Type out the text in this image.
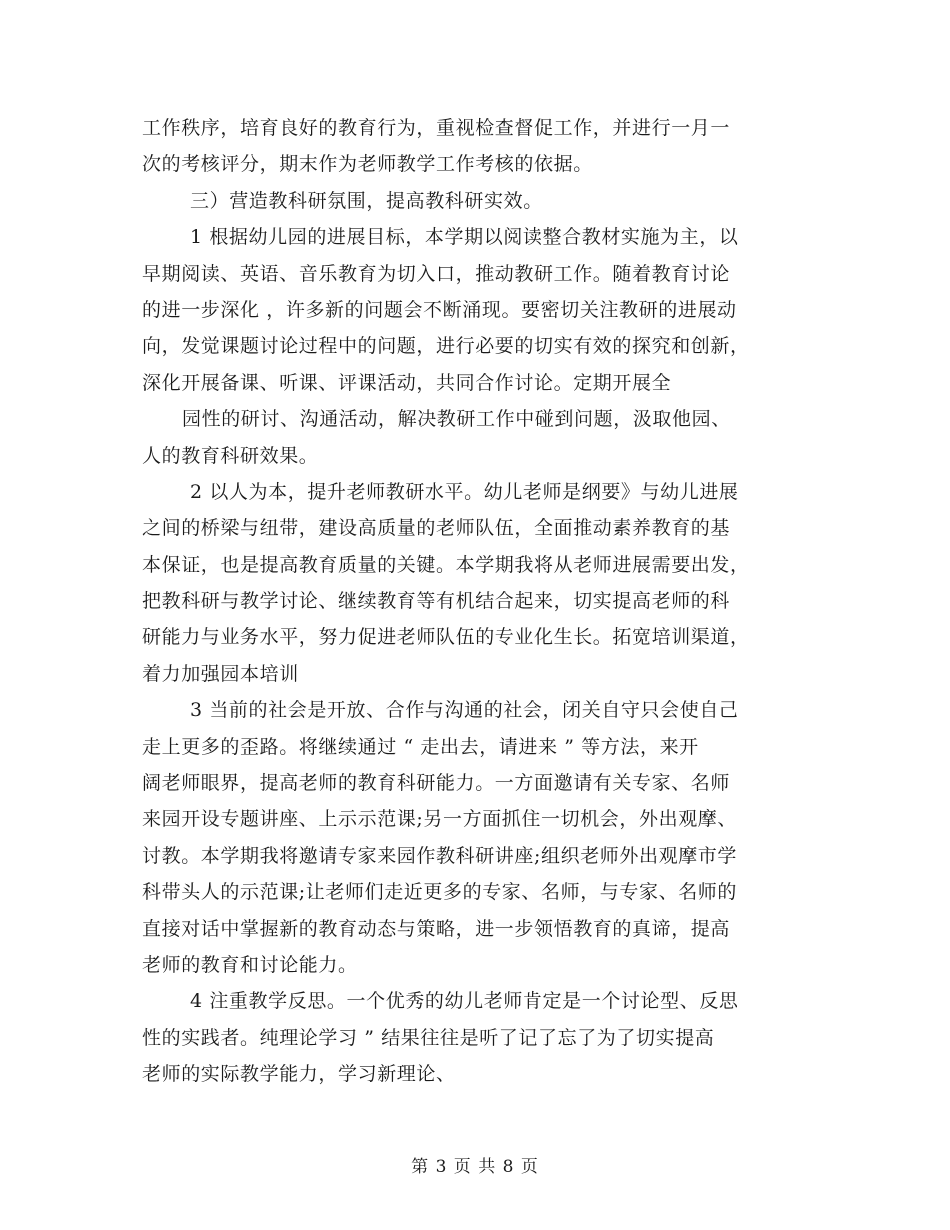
工作秩序，培育良好的教育行为，重视检查督促工作，并进行一月一
次的考核评分，期末作为老师教学工作考核的依据。
三）营造教科研氛围，提高教科研实效。
1 根据幼儿园的进展目标，本学期以阅读整合教材实施为主，以
早期阅读、英语、音乐教育为切入口，推动教研工作。随着教育讨论
的进一步深化 ，许多新的问题会不断涌现。要密切关注教研的进展动
向，发觉课题讨论过程中的问题，进行必要的切实有效的探究和创新，
深化开展备课、听课、评课活动，共同合作讨论。定期开展全
园性的研讨、沟通活动，解决教研工作中碰到问题，汲取他园、
人的教育科研效果。
2 以人为本，提升老师教研水平。幼儿老师是纲要》与幼儿进展
之间的桥梁与纽带，建设高质量的老师队伍，全面推动素养教育的基
本保证，也是提高教育质量的关键。本学期我将从老师进展需要出发，
把教科研与教学讨论、继续教育等有机结合起来，切实提高老师的科
研能力与业务水平，努力促进老师队伍的专业化生长。拓宽培训渠道，
着力加强园本培训
3 当前的社会是开放、合作与沟通的社会，闭关自守只会使自己
走上更多的歪路。将继续通过 “ 走出去，请进来 ” 等方法，来开
阔老师眼界，提高老师的教育科研能力。一方面邀请有关专家、名师
来园开设专题讲座、上示示范课;另一方面抓住一切机会，外出观摩、
讨教。本学期我将邀请专家来园作教科研讲座;组织老师外出观摩市学
科带头人的示范课;让老师们走近更多的专家、名师，与专家、名师的
直接对话中掌握新的教育动态与策略，进一步领悟教育的真谛，提高
老师的教育和讨论能力。
4 注重教学反思。一个优秀的幼儿老师肯定是一个讨论型、反思
性的实践者。纯理论学习 ” 结果往往是听了记了忘了为了切实提高
老师的实际教学能力，学习新理论、
第 3 页 共 8 页
